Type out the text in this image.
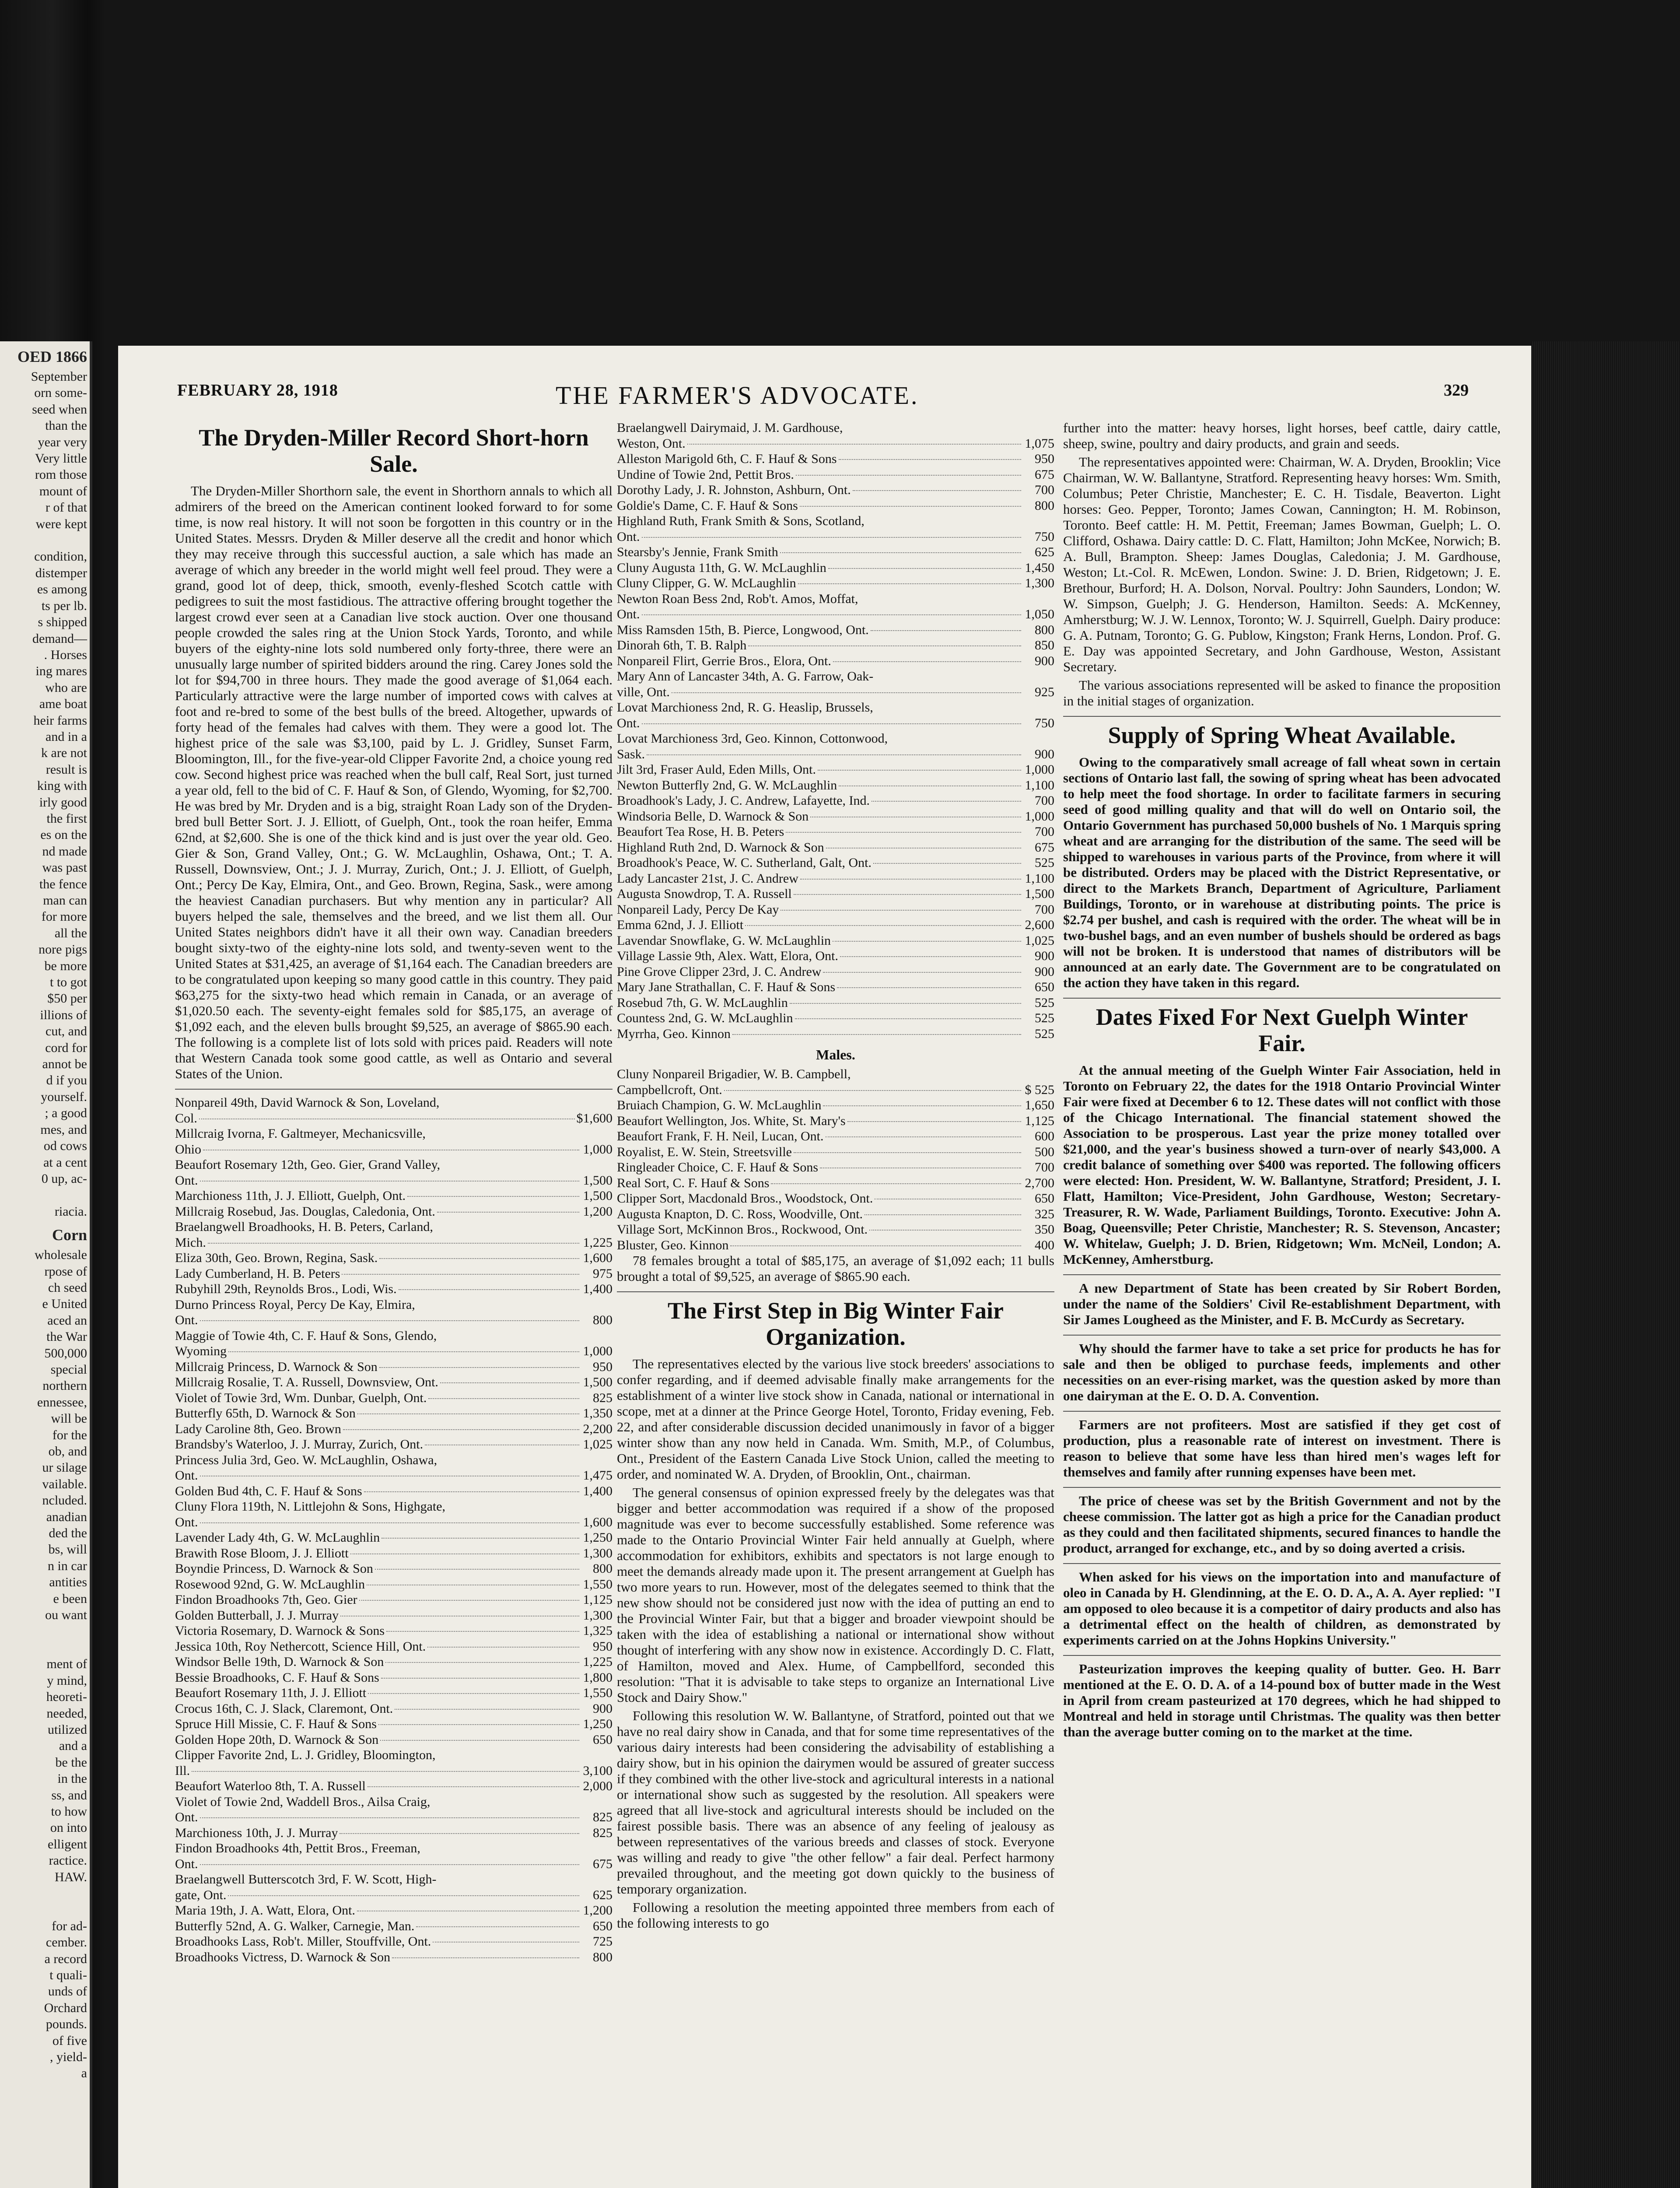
OED 1866
September
orn some-
seed when
than the
year very
Very little
rom those
mount of
r of that
were kept

condition,
distemper
es among
ts per lb.
s shipped
demand—
. Horses
ing mares
who are
ame boat
heir farms
and in a
k are not
result is
king with
irly good
the first
es on the
nd made
was past
the fence
man can
for more
all the
nore pigs
be more
t to got
$50 per
illions of
cut, and
cord for
annot be
d if you
yourself.
; a good
mes, and
od cows
at a cent
0 up, ac-

riacia.
Corn
wholesale
rpose of
ch seed
e United
aced an
the War
500,000
special
northern
ennessee,
will be
for the
ob, and
ur silage
vailable.
ncluded.
anadian
ded the
bs, will
n in car
antities
e been
ou want

ment of
y mind,
heoreti-
needed,
utilized
and a
be the
in the
ss, and
to how
on into
elligent
ractice.
HAW.

for ad-
cember.
a record
t quali-
unds of
Orchard
pounds.
of five
, yield-
a
FEBRUARY 28, 1918	THE FARMER'S ADVOCATE.	329
The Dryden-Miller Record Short-horn Sale.
The Dryden-Miller Shorthorn sale, the event in Shorthorn annals to which all admirers of the breed on the American continent looked forward to for some time, is now real history. It will not soon be forgotten in this country or in the United States. Messrs. Dryden & Miller deserve all the credit and honor which they may receive through this successful auction, a sale which has made an average of which any breeder in the world might well feel proud. They were a grand, good lot of deep, thick, smooth, evenly-fleshed Scotch cattle with pedigrees to suit the most fastidious. The attractive offering brought together the largest crowd ever seen at a Canadian live stock auction. Over one thousand people crowded the sales ring at the Union Stock Yards, Toronto, and while buyers of the eighty-nine lots sold numbered only forty-three, there were an unusually large number of spirited bidders around the ring. Carey Jones sold the lot for $94,700 in three hours. They made the good average of $1,064 each. Particularly attractive were the large number of imported cows with calves at foot and re-bred to some of the best bulls of the breed. Altogether, upwards of forty head of the females had calves with them. They were a good lot. The highest price of the sale was $3,100, paid by L. J. Gridley, Sunset Farm, Bloomington, Ill., for the five-year-old Clipper Favorite 2nd, a choice young red cow. Second highest price was reached when the bull calf, Real Sort, just turned a year old, fell to the bid of C. F. Hauf & Son, of Glendo, Wyoming, for $2,700. He was bred by Mr. Dryden and is a big, straight Roan Lady son of the Dryden-bred bull Better Sort. J. J. Elliott, of Guelph, Ont., took the roan heifer, Emma 62nd, at $2,600. She is one of the thick kind and is just over the year old. Geo. Gier & Son, Grand Valley, Ont.; G. W. McLaughlin, Oshawa, Ont.; T. A. Russell, Downsview, Ont.; J. J. Murray, Zurich, Ont.; J. J. Elliott, of Guelph, Ont.; Percy De Kay, Elmira, Ont., and Geo. Brown, Regina, Sask., were among the heaviest Canadian purchasers. But why mention any in particular? All buyers helped the sale, themselves and the breed, and we list them all. Our United States neighbors didn't have it all their own way. Canadian breeders bought sixty-two of the eighty-nine lots sold, and twenty-seven went to the United States at $31,425, an average of $1,164 each. The Canadian breeders are to be congratulated upon keeping so many good cattle in this country. They paid $63,275 for the sixty-two head which remain in Canada, or an average of $1,020.50 each. The seventy-eight females sold for $85,175, an average of $1,092 each, and the eleven bulls brought $9,525, an average of $865.90 each. The following is a complete list of lots sold with prices paid. Readers will note that Western Canada took some good cattle, as well as Ontario and several States of the Union.
Nonpareil 49th, David Warnock & Son, Loveland,
Col.	$1,600
Millcraig Ivorna, F. Galtmeyer, Mechanicsville,
Ohio	1,000
Beaufort Rosemary 12th, Geo. Gier, Grand Valley,
Ont.	1,500
Marchioness 11th, J. J. Elliott, Guelph, Ont.	1,500
Millcraig Rosebud, Jas. Douglas, Caledonia, Ont.	1,200
Braelangwell Broadhooks, H. B. Peters, Carland,
Mich.	1,225
Eliza 30th, Geo. Brown, Regina, Sask.	1,600
Lady Cumberland, H. B. Peters	975
Rubyhill 29th, Reynolds Bros., Lodi, Wis.	1,400
Durno Princess Royal, Percy De Kay, Elmira,
Ont.	800
Maggie of Towie 4th, C. F. Hauf & Sons, Glendo,
Wyoming	1,000
Millcraig Princess, D. Warnock & Son	950
Millcraig Rosalie, T. A. Russell, Downsview, Ont.	1,500
Violet of Towie 3rd, Wm. Dunbar, Guelph, Ont.	825
Butterfly 65th, D. Warnock & Son	1,350
Lady Caroline 8th, Geo. Brown	2,200
Brandsby's Waterloo, J. J. Murray, Zurich, Ont.	1,025
Princess Julia 3rd, Geo. W. McLaughlin, Oshawa,
Ont.	1,475
Golden Bud 4th, C. F. Hauf & Sons	1,400
Cluny Flora 119th, N. Littlejohn & Sons, Highgate,
Ont.	1,600
Lavender Lady 4th, G. W. McLaughlin	1,250
Brawith Rose Bloom, J. J. Elliott	1,300
Boyndie Princess, D. Warnock & Son	800
Rosewood 92nd, G. W. McLaughlin	1,550
Findon Broadhooks 7th, Geo. Gier	1,125
Golden Butterball, J. J. Murray	1,300
Victoria Rosemary, D. Warnock & Sons	1,325
Jessica 10th, Roy Nethercott, Science Hill, Ont.	950
Windsor Belle 19th, D. Warnock & Son	1,225
Bessie Broadhooks, C. F. Hauf & Sons	1,800
Beaufort Rosemary 11th, J. J. Elliott	1,550
Crocus 16th, C. J. Slack, Claremont, Ont.	900
Spruce Hill Missie, C. F. Hauf & Sons	1,250
Golden Hope 20th, D. Warnock & Son	650
Clipper Favorite 2nd, L. J. Gridley, Bloomington,
Ill.	3,100
Beaufort Waterloo 8th, T. A. Russell	2,000
Violet of Towie 2nd, Waddell Bros., Ailsa Craig,
Ont.	825
Marchioness 10th, J. J. Murray	825
Findon Broadhooks 4th, Pettit Bros., Freeman,
Ont.	675
Braelangwell Butterscotch 3rd, F. W. Scott, High-
gate, Ont.	625
Maria 19th, J. A. Watt, Elora, Ont.	1,200
Butterfly 52nd, A. G. Walker, Carnegie, Man.	650
Broadhooks Lass, Rob't. Miller, Stouffville, Ont.	725
Broadhooks Victress, D. Warnock & Son	800
Braelangwell Dairymaid, J. M. Gardhouse,
Weston, Ont.	1,075
Alleston Marigold 6th, C. F. Hauf & Sons	950
Undine of Towie 2nd, Pettit Bros.	675
Dorothy Lady, J. R. Johnston, Ashburn, Ont.	700
Goldie's Dame, C. F. Hauf & Sons	800
Highland Ruth, Frank Smith & Sons, Scotland,
Ont.	750
Stearsby's Jennie, Frank Smith	625
Cluny Augusta 11th, G. W. McLaughlin	1,450
Cluny Clipper, G. W. McLaughlin	1,300
Newton Roan Bess 2nd, Rob't. Amos, Moffat,
Ont.	1,050
Miss Ramsden 15th, B. Pierce, Longwood, Ont.	800
Dinorah 6th, T. B. Ralph	850
Nonpareil Flirt, Gerrie Bros., Elora, Ont.	900
Mary Ann of Lancaster 34th, A. G. Farrow, Oak-
ville, Ont.	925
Lovat Marchioness 2nd, R. G. Heaslip, Brussels,
Ont.	750
Lovat Marchioness 3rd, Geo. Kinnon, Cottonwood,
Sask.	900
Jilt 3rd, Fraser Auld, Eden Mills, Ont.	1,000
Newton Butterfly 2nd, G. W. McLaughlin	1,100
Broadhook's Lady, J. C. Andrew, Lafayette, Ind.	700
Windsoria Belle, D. Warnock & Son	1,000
Beaufort Tea Rose, H. B. Peters	700
Highland Ruth 2nd, D. Warnock & Son	675
Broadhook's Peace, W. C. Sutherland, Galt, Ont.	525
Lady Lancaster 21st, J. C. Andrew	1,100
Augusta Snowdrop, T. A. Russell	1,500
Nonpareil Lady, Percy De Kay	700
Emma 62nd, J. J. Elliott	2,600
Lavendar Snowflake, G. W. McLaughlin	1,025
Village Lassie 9th, Alex. Watt, Elora, Ont.	900
Pine Grove Clipper 23rd, J. C. Andrew	900
Mary Jane Strathallan, C. F. Hauf & Sons	650
Rosebud 7th, G. W. McLaughlin	525
Countess 2nd, G. W. McLaughlin	525
Myrrha, Geo. Kinnon	525
Males.
Cluny Nonpareil Brigadier, W. B. Campbell,
Campbellcroft, Ont.	$ 525
Bruiach Champion, G. W. McLaughlin	1,650
Beaufort Wellington, Jos. White, St. Mary's	1,125
Beaufort Frank, F. H. Neil, Lucan, Ont.	600
Royalist, E. W. Stein, Streetsville	500
Ringleader Choice, C. F. Hauf & Sons	700
Real Sort, C. F. Hauf & Sons	2,700
Clipper Sort, Macdonald Bros., Woodstock, Ont.	650
Augusta Knapton, D. C. Ross, Woodville, Ont.	325
Village Sort, McKinnon Bros., Rockwood, Ont.	350
Bluster, Geo. Kinnon	400
78 females brought a total of $85,175, an average of $1,092 each; 11 bulls brought a total of $9,525, an average of $865.90 each.
The First Step in Big Winter Fair Organization.
The representatives elected by the various live stock breeders' associations to confer regarding, and if deemed advisable finally make arrangements for the establishment of a winter live stock show in Canada, national or international in scope, met at a dinner at the Prince George Hotel, Toronto, Friday evening, Feb. 22, and after considerable discussion decided unanimously in favor of a bigger winter show than any now held in Canada. Wm. Smith, M.P., of Columbus, Ont., President of the Eastern Canada Live Stock Union, called the meeting to order, and nominated W. A. Dryden, of Brooklin, Ont., chairman.
The general consensus of opinion expressed freely by the delegates was that bigger and better accommodation was required if a show of the proposed magnitude was ever to become successfully established. Some reference was made to the Ontario Provincial Winter Fair held annually at Guelph, where accommodation for exhibitors, exhibits and spectators is not large enough to meet the demands already made upon it. The present arrangement at Guelph has two more years to run. However, most of the delegates seemed to think that the new show should not be considered just now with the idea of putting an end to the Provincial Winter Fair, but that a bigger and broader viewpoint should be taken with the idea of establishing a national or international show without thought of interfering with any show now in existence. Accordingly D. C. Flatt, of Hamilton, moved and Alex. Hume, of Campbellford, seconded this resolution: "That it is advisable to take steps to organize an International Live Stock and Dairy Show."
Following this resolution W. W. Ballantyne, of Stratford, pointed out that we have no real dairy show in Canada, and that for some time representatives of the various dairy interests had been considering the advisability of establishing a dairy show, but in his opinion the dairymen would be assured of greater success if they combined with the other live-stock and agricultural interests in a national or international show such as suggested by the resolution. All speakers were agreed that all live-stock and agricultural interests should be included on the fairest possible basis. There was an absence of any feeling of jealousy as between representatives of the various breeds and classes of stock. Everyone was willing and ready to give "the other fellow" a fair deal. Perfect harmony prevailed throughout, and the meeting got down quickly to the business of temporary organization.
Following a resolution the meeting appointed three members from each of the following interests to go
further into the matter: heavy horses, light horses, beef cattle, dairy cattle, sheep, swine, poultry and dairy products, and grain and seeds.
The representatives appointed were: Chairman, W. A. Dryden, Brooklin; Vice Chairman, W. W. Ballantyne, Stratford. Representing heavy horses: Wm. Smith, Columbus; Peter Christie, Manchester; E. C. H. Tisdale, Beaverton. Light horses: Geo. Pepper, Toronto; James Cowan, Cannington; H. M. Robinson, Toronto. Beef cattle: H. M. Pettit, Freeman; James Bowman, Guelph; L. O. Clifford, Oshawa. Dairy cattle: D. C. Flatt, Hamilton; John McKee, Norwich; B. A. Bull, Brampton. Sheep: James Douglas, Caledonia; J. M. Gardhouse, Weston; Lt.-Col. R. McEwen, London. Swine: J. D. Brien, Ridgetown; J. E. Brethour, Burford; H. A. Dolson, Norval. Poultry: John Saunders, London; W. W. Simpson, Guelph; J. G. Henderson, Hamilton. Seeds: A. McKenney, Amherstburg; W. J. W. Lennox, Toronto; W. J. Squirrell, Guelph. Dairy produce: G. A. Putnam, Toronto; G. G. Publow, Kingston; Frank Herns, London. Prof. G. E. Day was appointed Secretary, and John Gardhouse, Weston, Assistant Secretary.
The various associations represented will be asked to finance the proposition in the initial stages of organization.
Supply of Spring Wheat Available.
Owing to the comparatively small acreage of fall wheat sown in certain sections of Ontario last fall, the sowing of spring wheat has been advocated to help meet the food shortage. In order to facilitate farmers in securing seed of good milling quality and that will do well on Ontario soil, the Ontario Government has purchased 50,000 bushels of No. 1 Marquis spring wheat and are arranging for the distribution of the same. The seed will be shipped to warehouses in various parts of the Province, from where it will be distributed. Orders may be placed with the District Representative, or direct to the Markets Branch, Department of Agriculture, Parliament Buildings, Toronto, or in warehouse at distributing points. The price is $2.74 per bushel, and cash is required with the order. The wheat will be in two-bushel bags, and an even number of bushels should be ordered as bags will not be broken. It is understood that names of distributors will be announced at an early date. The Government are to be congratulated on the action they have taken in this regard.
Dates Fixed For Next Guelph Winter Fair.
At the annual meeting of the Guelph Winter Fair Association, held in Toronto on February 22, the dates for the 1918 Ontario Provincial Winter Fair were fixed at December 6 to 12. These dates will not conflict with those of the Chicago International. The financial statement showed the Association to be prosperous. Last year the prize money totalled over $21,000, and the year's business showed a turn-over of nearly $43,000. A credit balance of something over $400 was reported. The following officers were elected: Hon. President, W. W. Ballantyne, Stratford; President, J. I. Flatt, Hamilton; Vice-President, John Gardhouse, Weston; Secretary-Treasurer, R. W. Wade, Parliament Buildings, Toronto. Executive: John A. Boag, Queensville; Peter Christie, Manchester; R. S. Stevenson, Ancaster; W. Whitelaw, Guelph; J. D. Brien, Ridgetown; Wm. McNeil, London; A. McKenney, Amherstburg.
A new Department of State has been created by Sir Robert Borden, under the name of the Soldiers' Civil Re-establishment Department, with Sir James Lougheed as the Minister, and F. B. McCurdy as Secretary.
Why should the farmer have to take a set price for products he has for sale and then be obliged to purchase feeds, implements and other necessities on an ever-rising market, was the question asked by more than one dairyman at the E. O. D. A. Convention.
Farmers are not profiteers. Most are satisfied if they get cost of production, plus a reasonable rate of interest on investment. There is reason to believe that some have less than hired men's wages left for themselves and family after running expenses have been met.
The price of cheese was set by the British Government and not by the cheese commission. The latter got as high a price for the Canadian product as they could and then facilitated shipments, secured finances to handle the product, arranged for exchange, etc., and by so doing averted a crisis.
When asked for his views on the importation into and manufacture of oleo in Canada by H. Glendinning, at the E. O. D. A., A. A. Ayer replied: "I am opposed to oleo because it is a competitor of dairy products and also has a detrimental effect on the health of children, as demonstrated by experiments carried on at the Johns Hopkins University."
Pasteurization improves the keeping quality of butter. Geo. H. Barr mentioned at the E. O. D. A. of a 14-pound box of butter made in the West in April from cream pasteurized at 170 degrees, which he had shipped to Montreal and held in storage until Christmas. The quality was then better than the average butter coming on to the market at the time.
